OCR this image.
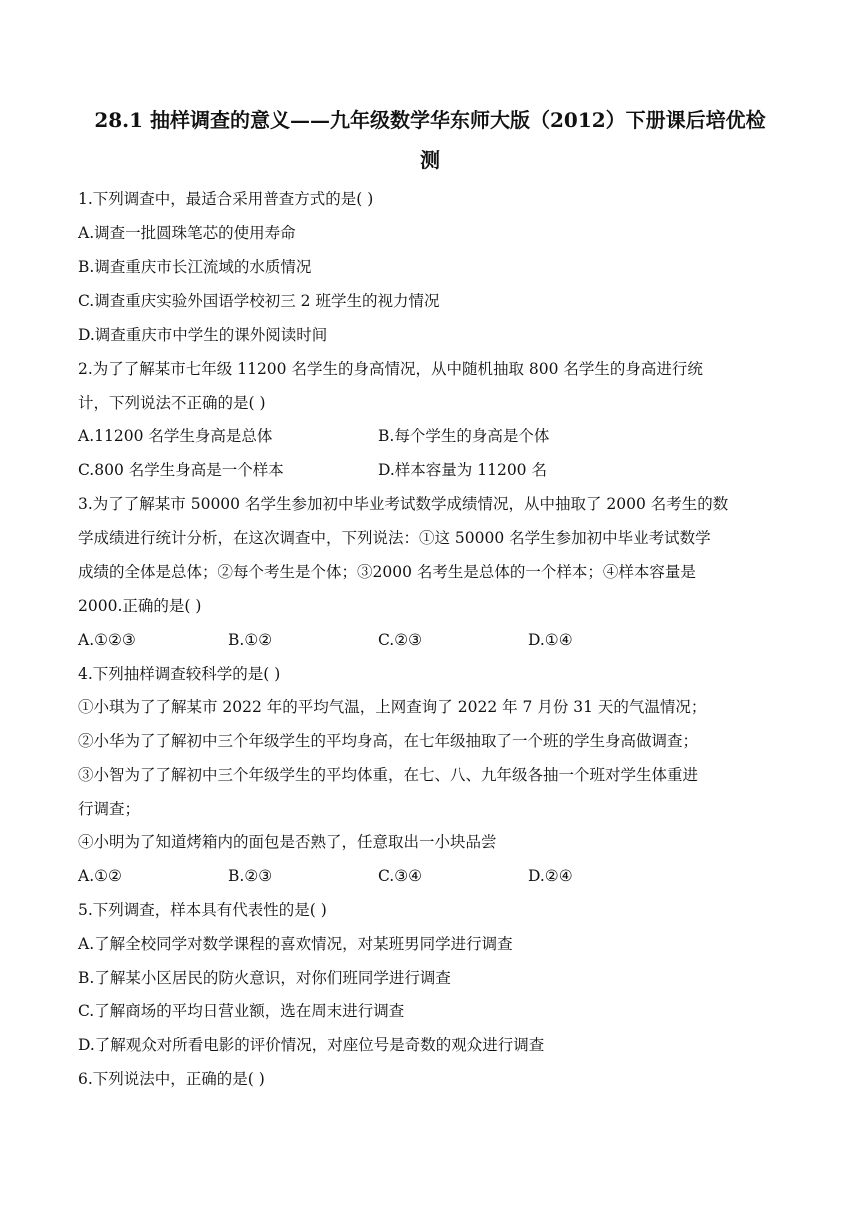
28.1 抽样调查的意义——九年级数学华东师大版（2012）下册课后培优检
测

1.下列调查中，最适合采用普查方式的是( )

A.调查一批圆珠笔芯的使用寿命

B.调查重庆市长江流域的水质情况

C.调查重庆实验外国语学校初三 2 班学生的视力情况

D.调查重庆市中学生的课外阅读时间

2.为了了解某市七年级 11200 名学生的身高情况，从中随机抽取 800 名学生的身高进行统

计，下列说法不正确的是( )

A.11200 名学生身高是总体	B.每个学生的身高是个体

C.800 名学生身高是一个样本	D.样本容量为 11200 名

3.为了了解某市 50000 名学生参加初中毕业考试数学成绩情况，从中抽取了 2000 名考生的数

学成绩进行统计分析，在这次调查中，下列说法：①这 50000 名学生参加初中毕业考试数学

成绩的全体是总体；②每个考生是个体；③2000 名考生是总体的一个样本；④样本容量是

2000.正确的是( )

A.①②③	B.①②	C.②③	D.①④

4.下列抽样调查较科学的是( )

①小琪为了了解某市 2022 年的平均气温，上网查询了 2022 年 7 月份 31 天的气温情况；

②小华为了了解初中三个年级学生的平均身高，在七年级抽取了一个班的学生身高做调查；

③小智为了了解初中三个年级学生的平均体重，在七、八、九年级各抽一个班对学生体重进

行调查；

④小明为了知道烤箱内的面包是否熟了，任意取出一小块品尝

A.①②	B.②③	C.③④	D.②④

5.下列调查，样本具有代表性的是( )

A.了解全校同学对数学课程的喜欢情况，对某班男同学进行调查

B.了解某小区居民的防火意识，对你们班同学进行调查

C.了解商场的平均日营业额，选在周末进行调查

D.了解观众对所看电影的评价情况，对座位号是奇数的观众进行调查

6.下列说法中，正确的是( )
